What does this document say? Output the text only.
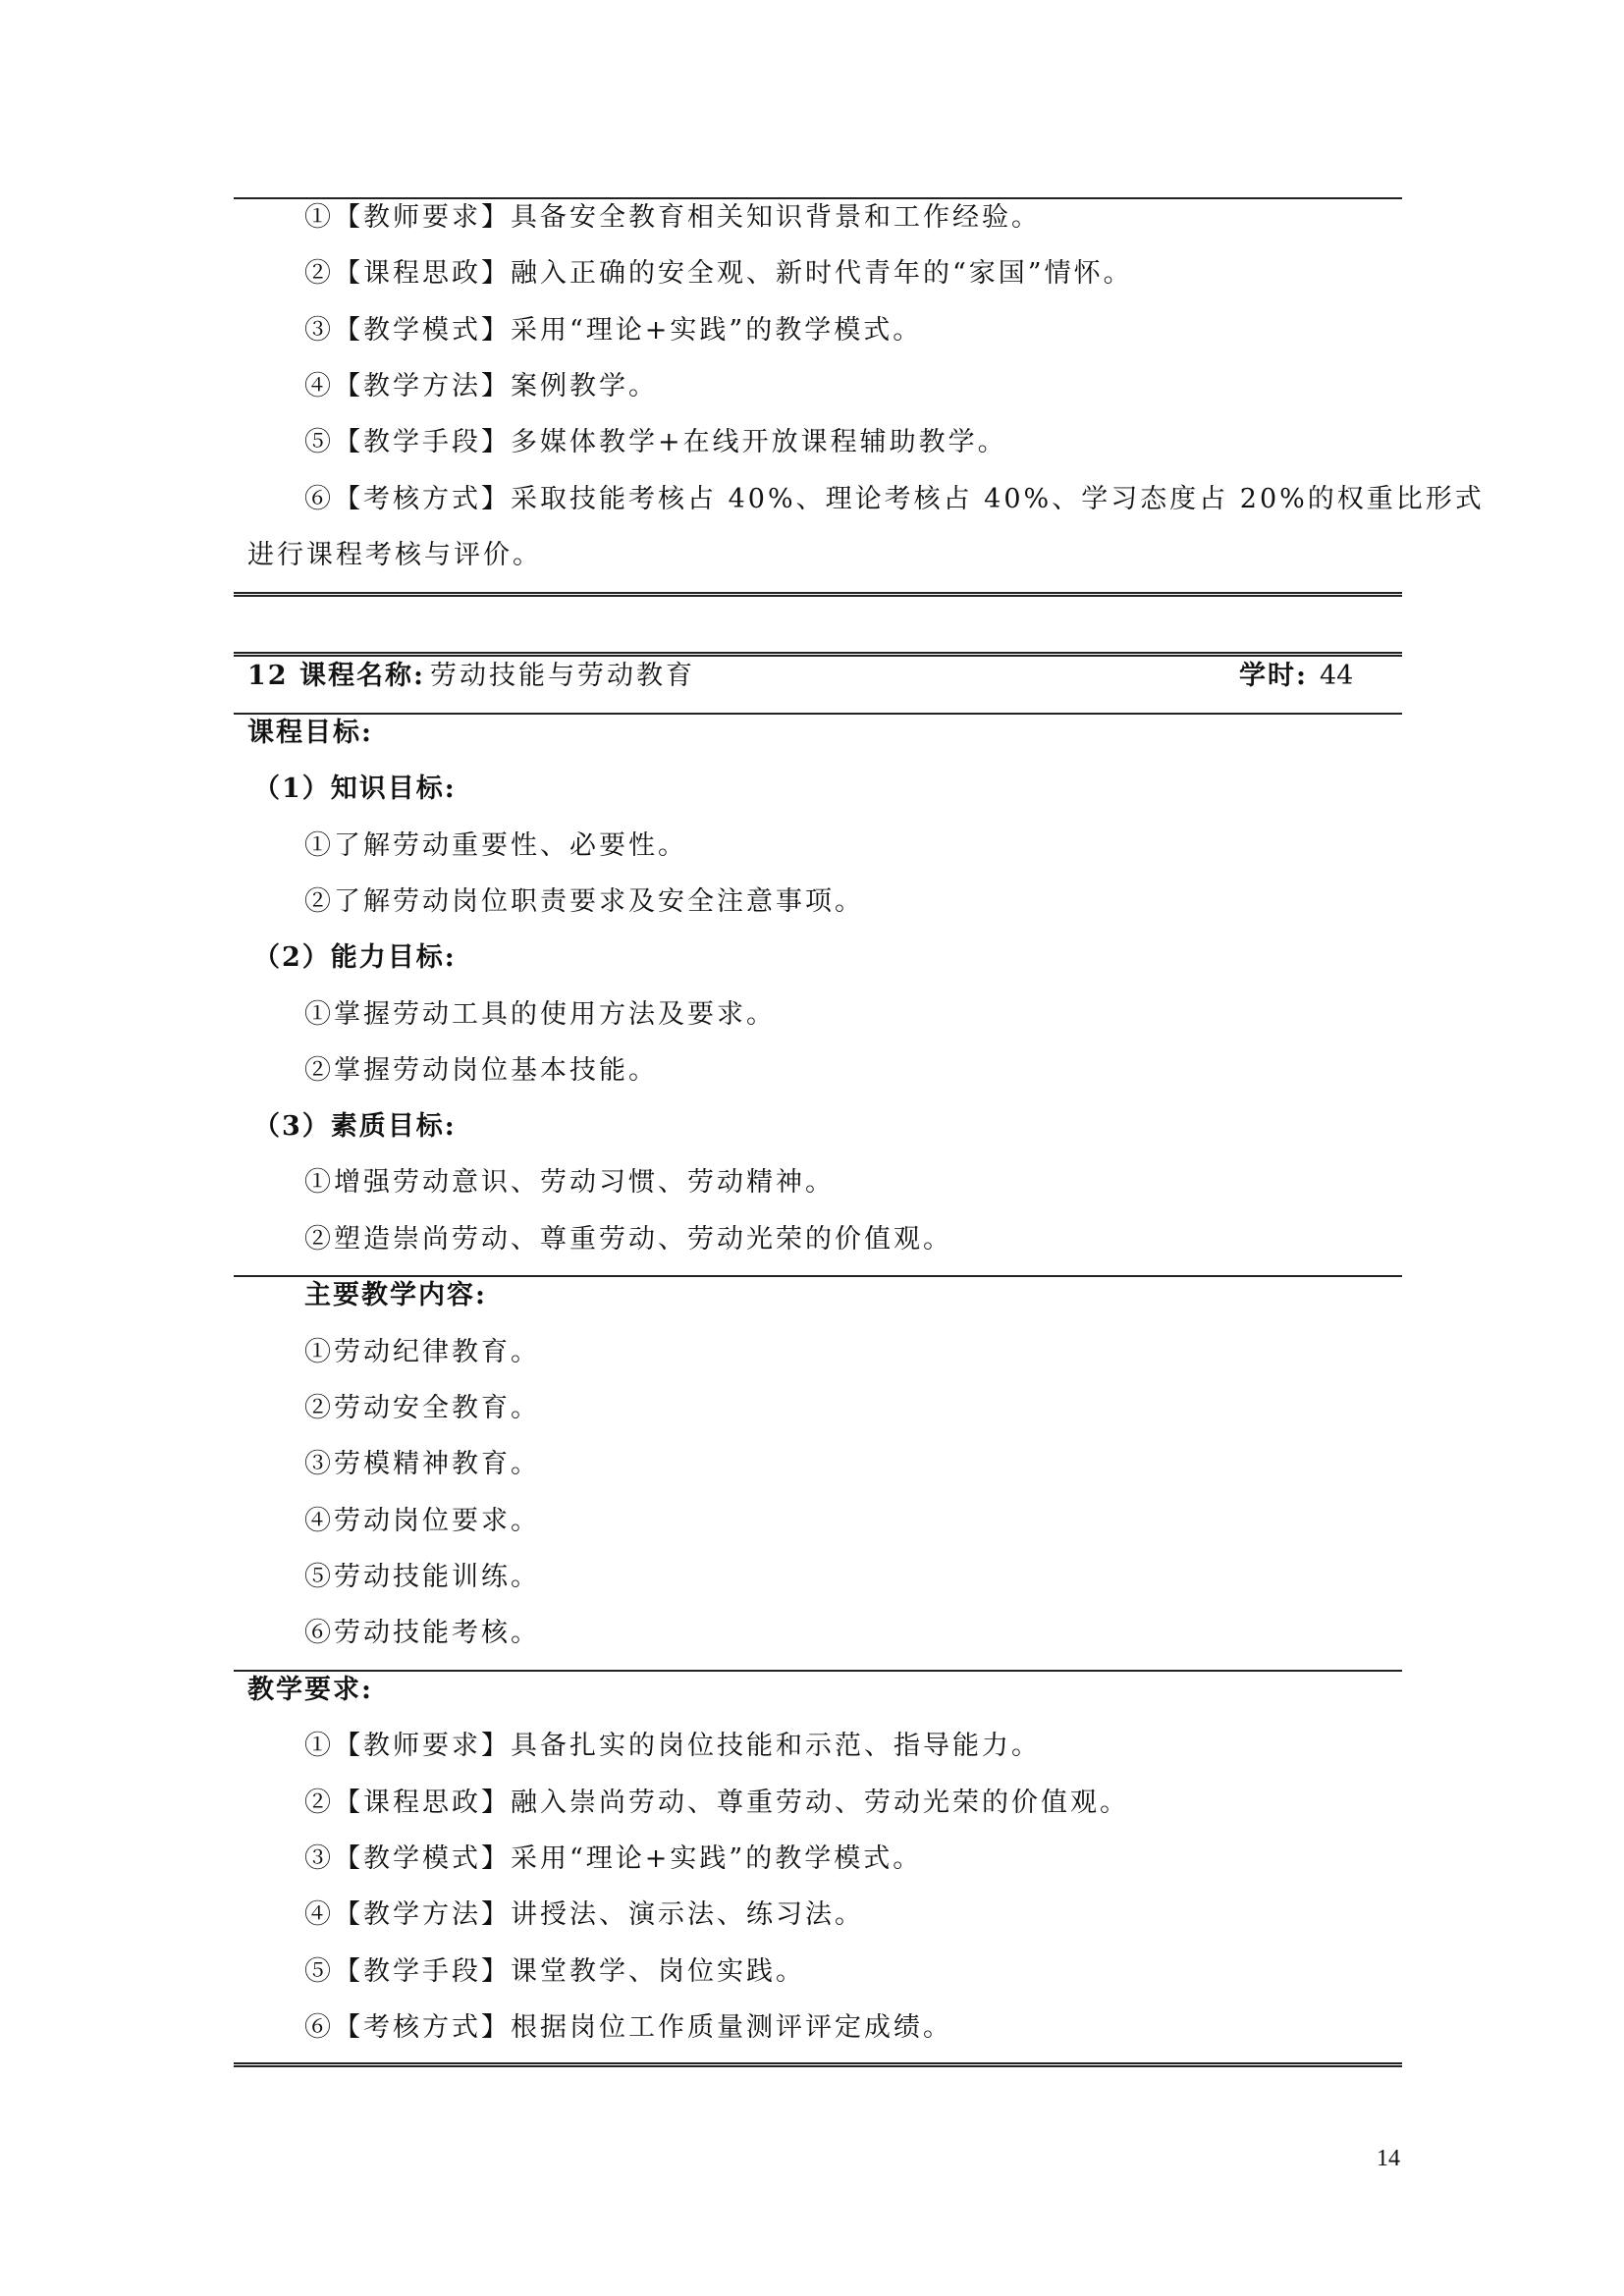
①【教师要求】具备安全教育相关知识背景和工作经验。
②【课程思政】融入正确的安全观、新时代青年的“家国”情怀。
③【教学模式】采用“理论+实践”的教学模式。
④【教学方法】案例教学。
⑤【教学手段】多媒体教学+在线开放课程辅助教学。
⑥【考核方式】采取技能考核占 40%、理论考核占 40%、学习态度占 20%的权重比形式
进行课程考核与评价。
12 课程名称: 劳动技能与劳动教育	学时: 44
课程目标:
（1）知识目标:
①了解劳动重要性、必要性。
②了解劳动岗位职责要求及安全注意事项。
（2）能力目标:
①掌握劳动工具的使用方法及要求。
②掌握劳动岗位基本技能。
（3）素质目标:
①增强劳动意识、劳动习惯、劳动精神。
②塑造崇尚劳动、尊重劳动、劳动光荣的价值观。
主要教学内容:
①劳动纪律教育。
②劳动安全教育。
③劳模精神教育。
④劳动岗位要求。
⑤劳动技能训练。
⑥劳动技能考核。
教学要求:
①【教师要求】具备扎实的岗位技能和示范、指导能力。
②【课程思政】融入崇尚劳动、尊重劳动、劳动光荣的价值观。
③【教学模式】采用“理论+实践”的教学模式。
④【教学方法】讲授法、演示法、练习法。
⑤【教学手段】课堂教学、岗位实践。
⑥【考核方式】根据岗位工作质量测评评定成绩。
14
